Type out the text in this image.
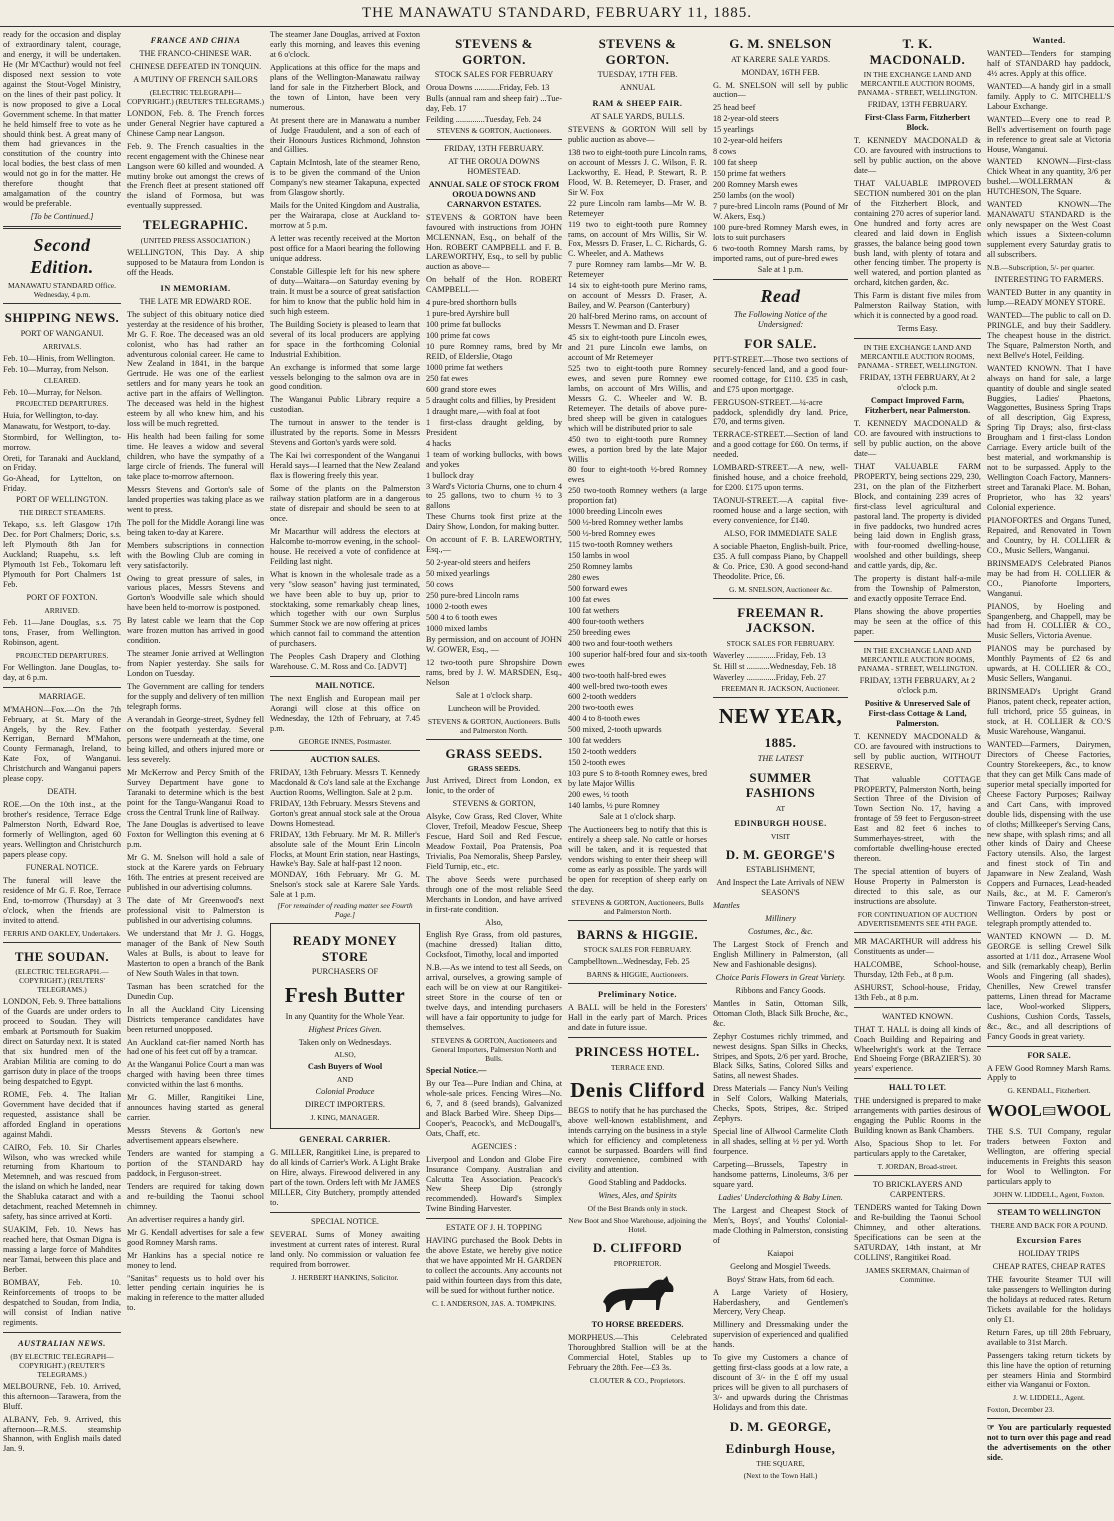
THE MANAWATU STANDARD, FEBRUARY 11, 1885.

ready for the occasion and display of extraordinary talent, courage, and energy, it will be undertaken. He (Mr M'Cacthur) would not feel disposed next session to vote against the Stout-Vogel Ministry, on the lines of their past policy. It is now proposed to give a Local Government scheme. In that matter he held himself free to vote as he should think best. A great many of them had grievances in the constitution of the country into local bodies, the best class of men would not go in for the matter. He therefore thought that amalgamation of the country would be preferable.

[To be Continued.]

Second Edition.

MANAWATU STANDARD Office. Wednesday, 4 p.m.

SHIPPING NEWS.

PORT OF WANGANUI.

ARRIVALS.

Feb. 10—Hinis, from Wellington.
Feb. 10—Murray, from Nelson.

CLEARED.

Feb. 10—Murray, for Nelson.

PROJECTED DEPARTURES.

Huia, for Wellington, to-day.
Manawatu, for Westport, to-day.
Stormbird, for Wellington, to-morrow.
Oreti, for Taranaki and Auckland, on Friday.
Go-Ahead, for Lyttelton, on Friday.

PORT OF WELLINGTON.

THE DIRECT STEAMERS.

Tekapo, s.s. left Glasgow 17th Dec. for Port Chalmers; Doric, s.s. left Plymouth 8th Jan for Auckland; Ruapehu, s.s. left Plymouth 1st Feb., Tokomaru left Plymouth for Port Chalmers 1st Feb.

PORT OF FOXTON.

ARRIVED.

Feb. 11—Jane Douglas, s.s. 75 tons, Fraser, from Wellington. Robinson, agent.

PROJECTED DEPARTURES.

For Wellington. Jane Douglas, to-day, at 6 p.m.

MARRIAGE.

M'MAHON—Fox.—On the 7th February, at St. Mary of the Angels, by the Rev. Father Kerrigan, Bernard M'Mahon, County Fermanagh, Ireland, to Kate Fox, of Wanganui. Christchurch and Wanganui papers please copy.

DEATH.

ROE.—On the 10th inst., at the brother's residence, Terrace Edge Palmerston North, Edward Roe, formerly of Wellington, aged 60 years. Wellington and Christchurch papers please copy.

FUNERAL NOTICE.

The funeral will leave the residence of Mr G. F. Roe, Terrace End, to-morrow (Thursday) at 3 o'clock, when the friends are invited to attend.

FERRIS AND OAKLEY, Undertakers.

THE SOUDAN.

(ELECTRIC TELEGRAPH.—COPYRIGHT.) (REUTERS' TELEGRAMS.)

LONDON, Feb. 9. Three battalions of the Guards are under orders to proceed to Soudan. They will embark at Portsmouth for Suakim direct on Saturday next. It is stated that six hundred men of the Arabian Militia are coming to do garrison duty in place of the troops being despatched to Egypt.

ROME, Feb. 4. The Italian Government have decided that if requested, assistance shall be afforded England in operations against Mahdi.

CAIRO, Feb. 10. Sir Charles Wilson, who was wrecked while returning from Khartoum to Metemneh, and was rescued from the island on which he landed, near the Shabluka cataract and with a detachment, reached Metemneh in safety, has since arrived at Korti.

SUAKIM, Feb. 10. News has reached here, that Osman Digna is massing a large force of Mahdites near Tamai, between this place and Berber.

BOMBAY, Feb. 10. Reinforcements of troops to be despatched to Soudan, from India, will consist of Indian native regiments.

AUSTRALIAN NEWS.

(BY ELECTRIC TELEGRAPH—COPYRIGHT.) (REUTER'S TELEGRAMS.)

MELBOURNE, Feb. 10. Arrived, this afternoon—Tarawera, from the Bluff.

ALBANY, Feb. 9. Arrived, this afternoon—R.M.S. steamship Shannon, with English mails dated Jan. 9.

FRANCE AND CHINA

THE FRANCO-CHINESE WAR.

CHINESE DEFEATED IN TONQUIN.

A MUTINY OF FRENCH SAILORS

(ELECTRIC TELEGRAPH—COPYRIGHT.) (REUTER'S TELEGRAMS.)

LONDON, Feb. 8. The French forces under General Negrier have captured a Chinese Camp near Langson.

Feb. 9. The French casualties in the recent engagement with the Chinese near Langson were 60 killed and wounded. A mutiny broke out amongst the crews of the French fleet at present stationed off the island of Formosa, but was eventually suppressed.

TELEGRAPHIC.

(UNITED PRESS ASSOCIATION.)

WELLINGTON, This Day. A ship supposed to be Mataura from London is off the Heads.

IN MEMORIAM.

THE LATE MR EDWARD ROE.

The subject of this obituary notice died yesterday at the residence of his brother, Mr G. F. Roe. The deceased was an old colonist, who has had rather an adventurous colonial career. He came to New Zealand in 1841, in the barque Gertrude. He was one of the earliest settlers and for many years he took an active part in the affairs of Wellington. The deceased was held in the highest esteem by all who knew him, and his loss will be much regretted.

His health had been failing for some time. He leaves a widow and several children, who have the sympathy of a large circle of friends. The funeral will take place to-morrow afternoon.

Messrs Stevens and Gorton's sale of landed properties was taking place as we went to press.

The poll for the Middle Aorangi line was being taken to-day at Karere.

Members subscriptions in connection with the Bowling Club are coming in very satisfactorily.

Owing to great pressure of sales, in various places, Messrs Stevens and Gorton's Woodville sale which should have been held to-morrow is postponed.

By latest cable we learn that the Cop ware frozen mutton has arrived in good condition.

The steamer Jonie arrived at Wellington from Napier yesterday. She sails for London on Tuesday.

The Government are calling for tenders for the supply and delivery of ten million telegraph forms.

A verandah in George-street, Sydney fell on the footpath yesterday. Several persons were underneath at the time, one being killed, and others injured more or less severely.

Mr McKerrow and Percy Smith of the Survey Department have gone to Taranaki to determine which is the best point for the Tangu-Wanganui Road to cross the Central Trunk line of Railway.

The Jane Douglas is advertised to leave Foxton for Wellington this evening at 6 p.m.

Mr G. M. Snelson will hold a sale of stock at the Karere yards on February 16th. The entries at present received are published in our advertising columns.

The date of Mr Greenwood's next professional visit to Palmerston is published in our advertising columns.

We understand that Mr J. G. Hoggs, manager of the Bank of New South Wales at Bulls, is about to leave for Masterton to open a branch of the Bank of New South Wales in that town.

Tasman has been scratched for the Dunedin Cup.

In all the Auckland City Licensing Districts temperance candidates have been returned unopposed.

An Auckland cat-fier named North has had one of his feet cut off by a tramcar.

At the Wanganui Police Court a man was charged with having been three times convicted within the last 6 months.

Mr G. Miller, Rangitikei Line, announces having started as general carrier.

Messrs Stevens & Gorton's new advertisement appears elsewhere.

Tenders are wanted for stamping a portion of the STANDARD hay paddock, in Ferguson-street.

Tenders are required for taking down and re-building the Taonui school chimney.

An advertiser requires a handy girl.

Mr G. Kendall advertises for sale a few good Romney Marsh rams.

Mr Hankins has a special notice re money to lend.

"Sanitas" requests us to hold over his letter pending certain inquiries he is making in reference to the matter alluded to.

The steamer Jane Douglas, arrived at Foxton early this morning, and leaves this evening at 6 o'clock.

Applications at this office for the maps and plans of the Wellington-Manawatu railway land for sale in the Fitzherbert Block, and the town of Linton, have been very numerous.

At present there are in Manawatu a number of Judge Fraudulent, and a son of each of their Honours Justices Richmond, Johnston and Gillies.

Captain McIntosh, late of the steamer Reno, is to be given the command of the Union Company's new steamer Takapuna, expected from Glasgow shortly.

Mails for the United Kingdom and Australia, per the Wairarapa, close at Auckland to-morrow at 5 p.m.

A letter was recently received at the Morton post office for a Maori bearing the following unique address.

Constable Gillespie left for his new sphere of duty—Waitara—on Saturday evening by train. It must be a source of great satisfaction for him to know that the public hold him in such high esteem.

The Building Society is pleased to learn that several of its local producers are applying for space in the forthcoming Colonial Industrial Exhibition.

An exchange is informed that some large vessels belonging to the salmon ova are in good condition.

The Wanganui Public Library require a custodian.

The turnout in answer to the tender is illustrated by the reports. Some in Messrs Stevens and Gorton's yards were sold.

The Kai lwi correspondent of the Wanganui Herald says—I learned that the New Zealand flax is flowering freely this year.

Some of the plants on the Palmerston railway station platform are in a dangerous state of disrepair and should be seen to at once.

Mr Macarthur will address the electors at Halcombe to-morrow evening, in the school-house. He received a vote of confidence at Feilding last night.

What is known in the wholesale trade as a very "slow season" having just terminated, we have been able to buy up, prior to stocktaking, some remarkably cheap lines, which together with our own Surplus Summer Stock we are now offering at prices which cannot fail to command the attention of purchasers.

The Peoples Cash Drapery and Clothing Warehouse. C. M. Ross and Co. [ADVT]

MAIL NOTICE.

The next English and European mail per Aorangi will close at this office on Wednesday, the 12th of February, at 7.45 p.m.

GEORGE INNES, Postmaster.

AUCTION SALES.

FRIDAY, 13th February. Messrs T. Kennedy Macdonald & Co's land sale at the Exchange Auction Rooms, Wellington. Sale at 2 p.m.
FRIDAY, 13th February. Messrs Stevens and Gorton's great annual stock sale at the Oroua Downs Homestead.
FRIDAY, 13th February. Mr M. R. Miller's absolute sale of the Mount Erin Lincoln Flocks, at Mount Erin station, near Hastings, Hawke's Bay. Sale at half-past 12 noon.
MONDAY, 16th February. Mr G. M. Snelson's stock sale at Karere Sale Yards. Sale at 1 p.m.

[For remainder of reading matter see Fourth Page.]

READY MONEY STORE

PURCHASERS OF

Fresh Butter

In any Quantity for the Whole Year.

Highest Prices Given.

Taken only on Wednesdays.

ALSO,

Cash Buyers of Wool

AND

Colonial Produce

DIRECT IMPORTERS.

J. KING, MANAGER.

GENERAL CARRIER.

G. MILLER, Rangitikei Line, is prepared to do all kinds of Carrier's Work. A Light Brake on Hire, always. Firewood delivered in any part of the town. Orders left with Mr JAMES MILLER, City Butchery, promptly attended to.

SPECIAL NOTICE.

SEVERAL Sums of Money awaiting investment at current rates of interest. Rural land only. No commission or valuation fee required from borrower.

J. HERBERT HANKINS, Solicitor.

STEVENS & GORTON.

STOCK SALES FOR FEBRUARY

Oroua Downs ............Friday, Feb. 13
Bulls (annual ram and sheep fair) ...Tue-day, Feb. 17
Feilding ..............Tuesday, Feb. 24

STEVENS & GORTON, Auctioneers.

FRIDAY, 13TH FEBRUARY.

AT THE OROUA DOWNS HOMESTEAD.

ANNUAL SALE OF STOCK FROM OROUA DOWNS AND CARNARVON ESTATES.

STEVENS & GORTON have been favoured with instructions from JOHN MCLENNAN, Esq., on behalf of the Hon. ROBERT CAMPBELL and F. B. LAREWORTHY, Esq., to sell by public auction as above—

On behalf of the Hon. ROBERT CAMPBELL—

4 pure-bred shorthorn bulls
1 pure-bred Ayrshire bull
100 prime fat bullocks
100 prime fat cows
10 pure Romney rams, bred by Mr REID, of Elderslie, Otago
1000 prime fat wethers
250 fat ewes
600 grand store ewes
5 draught colts and fillies, by President
1 draught mare,—with foal at foot
1 first-class draught gelding, by President
4 hacks
1 team of working bullocks, with bows and yokes
1 bullock dray
3 Ward's Victoria Churns, one to churn 4 to 25 gallons, two to churn ½ to 3 gallons

These Churns took first prize at the Dairy Show, London, for making butter.

On account of F. B. LAREWORTHY, Esq.,—

50 2-year-old steers and heifers
50 mixed yearlings
50 cows
250 pure-bred Lincoln rams
1000 2-tooth ewes
500 4 to 6 tooth ewes
1000 mixed lambs

By permission, and on account of JOHN W. GOWER, Esq., —

12 two-tooth pure Shropshire Down rams, bred by J. W. MARSDEN, Esq., Nelson

Sale at 1 o'clock sharp.

Luncheon will be Provided.

STEVENS & GORTON, Auctioneers. Bulls and Palmerston North.

GRASS SEEDS.

GRASS SEEDS.

Just Arrived, Direct from London, ex Ionic, to the order of

STEVENS & GORTON,

Alsyke, Cow Grass, Red Clover, White Clover, Trefoil, Meadow Fescue, Sheep Fescue, Hard Soil and Red Fescue, Meadow Foxtail, Poa Pratensis, Poa Trivialis, Poa Nemoralis, Sheep Parsley, Field Turnip, etc., etc.

The above Seeds were purchased through one of the most reliable Seed Merchants in London, and have arrived in first-rate condition.

Also,

English Rye Grass, from old pastures, (machine dressed) Italian ditto, Cocksfoot, Timothy, local and imported

N.B.—As we intend to test all Seeds, on arrival, ourselves, a growing sample of each will be on view at our Rangitikei-street Store in the course of ten or twelve days, and intending purchasers will have a fair opportunity to judge for themselves.

STEVENS & GORTON, Auctioneers and General Importers, Palmerston North and Bulls.

Special Notice.—

By our Tea—Pure Indian and China, at whole-sale prices. Fencing Wires—No. 6, 7, and 8 (seed brands), Galvanized and Black Barbed Wire. Sheep Dips—Cooper's, Peacock's, and McDougall's, Oats, Chaff, etc.

AGENCIES :

Liverpool and London and Globe Fire Insurance Company. Australian and Calcutta Tea Association. Peacock's New Sheep Dip (strongly recommended). Howard's Simplex Twine Binding Harvester.

ESTATE OF J. H. TOPPING

HAVING purchased the Book Debts in the above Estate, we hereby give notice that we have appointed Mr H. GARDEN to collect the accounts. Any accounts not paid within fourteen days from this date, will be sued for without further notice.

C. I. ANDERSON, JAS. A. TOMPKINS.

STEVENS & GORTON.

TUESDAY, 17TH FEB.

ANNUAL

RAM & SHEEP FAIR.

AT SALE YARDS, BULLS.

STEVENS & GORTON Will sell by public auction as above—

138 two to eight-tooth pure Lincoln rams, on account of Messrs J. C. Wilson, F. R. Lackworthy, E. Head, P. Stewart, R. P. Flood, W. B. Retemeyer, D. Fraser, and Sir W. Fox
22 pure Lincoln ram lambs—Mr W. B. Retemeyer
119 two to eight-tooth pure Romney rams, on account of Mrs Willis, Sir W. Fox, Messrs D. Fraser, L. C. Richards, G. C. Wheeler, and A. Mathews
7 pure Romney ram lambs—Mr W. B. Retemeyer
14 six to eight-tooth pure Merino rams, on account of Messrs D. Fraser, A. Bailey, and W. Pearson (Canterbury)
20 half-bred Merino rams, on account of Messrs T. Newman and D. Fraser
45 six to eight-tooth pure Lincoln ewes, and 21 pure Lincoln ewe lambs, on account of Mr Retemeyer
525 two to eight-tooth pure Romney ewes, and seven pure Romney ewe lambs, on account of Mrs Willis, and Messrs G. C. Wheeler and W. B. Retemeyer. The details of above pure-bred sheep will be given in catalogues which will be distributed prior to sale
450 two to eight-tooth pure Romney ewes, a portion bred by the late Major Willis
80 four to eight-tooth ½-bred Romney ewes
250 two-tooth Romney wethers (a large proportion fat)
1000 breeding Lincoln ewes
500 ½-bred Romney wether lambs
500 ½-bred Romney ewes
115 two-tooth Romney wethers
150 lambs in wool
250 Romney lambs
280 ewes
500 forward ewes
100 fat ewes
100 fat wethers
400 four-tooth wethers
250 breeding ewes
400 two and four-tooth wethers
100 superior half-bred four and six-tooth ewes
400 two-tooth half-bred ewes
400 well-bred two-tooth ewes
600 2-tooth wedders
200 two-tooth ewes
400 4 to 8-tooth ewes
500 mixed, 2-tooth upwards
100 fat wedders
150 2-tooth wedders
150 2-tooth ewes
103 pure S to 8-tooth Romney ewes, bred by late Major Willis
200 ewes, ½ tooth
140 lambs, ½ pure Romney

Sale at 1 o'clock sharp.

The Auctioneers beg to notify that this is entirely a sheep sale. No cattle or horses will be taken, and it is requested that vendors wishing to enter their sheep will come as early as possible. The yards will be open for reception of sheep early on the day.

STEVENS & GORTON, Auctioneers, Bulls and Palmerston North.

BARNS & HIGGIE.

STOCK SALES FOR FEBRUARY.

Campbelltown...Wednesday, Feb. 25

BARNS & HIGGIE, Auctioneers.

Preliminary Notice.

A BALL will be held in the Foresters' Hall in the early part of March. Prices and date in future issue.

PRINCESS HOTEL.

TERRACE END.

Denis Clifford

BEGS to notify that he has purchased the above well-known establishment, and intends carrying on the business in a style which for efficiency and completeness cannot be surpassed. Boarders will find every convenience, combined with civility and attention.

Good Stabling and Paddocks.

Wines, Ales, and Spirits

Of the Best Brands only in stock.

New Boot and Shoe Warehouse, adjoining the Hotel.

D. CLIFFORD

PROPRIETOR.

TO HORSE BREEDERS.

MORPHEUS.—This Celebrated Thoroughbred Stallion will be at the Commercial Hotel, Stables up to February the 28th. Fee—£3 3s.

CLOUTER & CO., Proprietors.

G. M. SNELSON

AT KARERE SALE YARDS.

MONDAY, 16TH FEB.

G. M. SNELSON will sell by public auction—

25 head beef
18 2-year-old steers
15 yearlings
10 2-year-old heifers
8 cows
100 fat sheep
150 prime fat wethers
200 Romney Marsh ewes
250 lambs (on the wool)
7 pure-bred Lincoln rams (Pound of Mr W. Akers, Esq.)
100 pure-bred Romney Marsh ewes, in lots to suit purchasers
6 two-tooth Romney Marsh rams, by imported rams, out of pure-bred ewes

Sale at 1 p.m.

Read

The Following Notice of the Undersigned:

FOR SALE.

PITT-STREET.—Those two sections of securely-fenced land, and a good four-roomed cottage, for £110. £35 in cash, and £75 upon mortgage.

FERGUSON-STREET.—¼-acre paddock, splendidly dry land. Price, £70, and terms given.

TERRACE-STREET.—Section of land and a good cottage for £60. On terms, if needed.

LOMBARD-STREET.—A new, well-finished house, and a choice freehold, for £200. £175 upon terms.

TAONUI-STREET.—A capital five-roomed house and a large section, with every convenience, for £140.

ALSO, FOR IMMEDIATE SALE

A sociable Phaeton, English-built. Price, £35. A full compass Piano, by Chappell & Co. Price, £30. A good second-hand Theodolite. Price, £6.

G. M. SNELSON, Auctioneer &c.

FREEMAN R. JACKSON.

STOCK SALES FOR FEBRUARY.

Waverley ..............Friday, Feb. 13
St. Hill st ...........Wednesday, Feb. 18
Waverley ..............Friday, Feb. 27

FREEMAN R. JACKSON, Auctioneer.

NEW YEAR,
1885.

THE LATEST

SUMMER FASHIONS

AT

EDINBURGH HOUSE.

VISIT

D. M. GEORGE'S

ESTABLISHMENT,

And Inspect the Late Arrivals of NEW SEASON'S

Mantles

Millinery

Costumes, &c., &c.

The Largest Stock of French and English Millinery in Palmerston, (all New and Fashionable designs).

Choice Paris Flowers in Great Variety.

Ribbons and Fancy Goods.

Mantles in Satin, Ottoman Silk, Ottoman Cloth, Black Silk Broche, &c., &c.

Zephyr Costumes richly trimmed, and newest designs. Span Silks in Checks, Stripes, and Spots, 2/6 per yard. Broche, Black Silks, Satins, Colored Silks and Satins, all newest Shades.

Dress Materials — Fancy Nun's Veiling in Self Colors, Walking Materials, Checks, Spots, Stripes, &c. Striped Zephyrs.

Special line of Allwool Carmelite Cloth in all shades, selling at ½ per yd. Worth fourpence.

Carpeting—Brussels, Tapestry in handsome patterns, Linoleums, 3/6 per square yard.

Ladies' Underclothing & Baby Linen.

The Largest and Cheapest Stock of Men's, Boys', and Youths' Colonial-made Clothing in Palmerston, consisting of

Kaiapoi

Geelong and Mosgiel Tweeds.

Boys' Straw Hats, from 6d each.

A Large Variety of Hosiery, Haberdashery, and Gentlemen's Mercery, Very Cheap.

Millinery and Dressmaking under the supervision of experienced and qualified hands.

To give my Customers a chance of getting first-class goods at a low rate, a discount of 3/- in the £ off my usual prices will be given to all purchasers of 3/- and upwards during the Christmas Holidays and from this date.

D. M. GEORGE,
Edinburgh House,

THE SQUARE,

(Next to the Town Hall.)

T. K. MACDONALD.

IN THE EXCHANGE LAND AND MERCANTILE AUCTION ROOMS, PANAMA - STREET, WELLINGTON.

FRIDAY, 13TH FEBRUARY.

First-Class Farm, Fitzherbert Block.

T. KENNEDY MACDONALD & CO. are favoured with instructions to sell by public auction, on the above date—

THAT VALUABLE IMPROVED SECTION numbered 301 on the plan of the Fitzherbert Block, and containing 270 acres of superior land. One hundred and forty acres are cleared and laid down in English grasses, the balance being good town bush land, with plenty of totara and other fencing timber. The property is well watered, and portion planted as orchard, kitchen garden, &c.

This Farm is distant five miles from Palmerston Railway Station, with which it is connected by a good road.

Terms Easy.

IN THE EXCHANGE LAND AND MERCANTILE AUCTION ROOMS, PANAMA - STREET, WELLINGTON.

FRIDAY, 13TH FEBRUARY, At 2 o'clock p.m.

Compact Improved Farm, Fitzherbert, near Palmerston.

T. KENNEDY MACDONALD & CO. are favoured with instructions to sell by public auction, on the above date—

THAT VALUABLE FARM PROPERTY, being sections 229, 230, 231, on the plan of the Fitzherbert Block, and containing 239 acres of first-class level agricultural and pastoral land. The property is divided in five paddocks, two hundred acres being laid down in English grass, with four-roomed dwelling-house, woolshed and other buildings, sheep and cattle yards, dip, &c.

The property is distant half-a-mile from the Township of Palmerston, and exactly opposite Terrace End.

Plans showing the above properties may be seen at the office of this paper.

IN THE EXCHANGE LAND AND MERCANTILE AUCTION ROOMS, PANAMA - STREET, WELLINGTON.

FRIDAY, 13TH FEBRUARY, At 2 o'clock p.m.

Positive & Unreserved Sale of First-class Cottage & Land, Palmerston.

T. KENNEDY MACDONALD & CO. are favoured with instructions to sell by public auction, WITHOUT RESERVE,

That valuable COTTAGE PROPERTY, Palmerston North, being Section Three of the Division of Town Section No. 17, having a frontage of 59 feet to Ferguson-street East and 82 feet 6 inches to Summerhayes-street, with the comfortable dwelling-house erected thereon.

The special attention of buyers of House Property in Palmerston is directed to this sale, as our instructions are absolute.

FOR CONTINUATION OF AUCTION ADVERTISEMENTS SEE 4TH PAGE.

MR MACARTHUR will address his Constituents as under—

HALCOMBE, School-house, Thursday, 12th Feb., at 8 p.m.

ASHURST, School-house, Friday, 13th Feb., at 8 p.m.

WANTED KNOWN.

THAT T. HALL is doing all kinds of Coach Building and Repairing and Wheelwright's work at the Terrace End Shoeing Forge (BRAZIER'S). 30 years' experience.

HALL TO LET.

THE undersigned is prepared to make arrangements with parties desirous of engaging the Public Rooms in the Building known as Bank Chambers.

Also, Spacious Shop to let. For particulars apply to the Caretaker,

T. JORDAN, Broad-street.

TO BRICKLAYERS AND CARPENTERS.

TENDERS wanted for Taking Down and Re-building the Taonui School Chimney, and other alterations. Specifications can be seen at the SATURDAY, 14th instant, at Mr COLLINS', Rangitikei Road.

JAMES SKERMAN, Chairman of Committee.

Wanted.

WANTED—Tenders for stamping half of STANDARD hay paddock, 4½ acres. Apply at this office.

WANTED—A handy girl in a small family. Apply to C. MITCHELL'S Labour Exchange.

WANTED—Every one to read P. Bell's advertisement on fourth page in reference to great sale at Victoria House, Wanganui.

WANTED KNOWN—First-class Chick Wheat in any quantity, 3/6 per bushel.—WOLLERMAN & HUTCHESON, The Square.

WANTED KNOWN—The MANAWATU STANDARD is the only newspaper on the West Coast which issues a Sixteen-column supplement every Saturday gratis to all subscribers.

N.B.—Subscription, 5/- per quarter.

INTERESTING TO FARMERS.

WANTED Butter in any quantity in lump.—READY MONEY STORE.

WANTED—The public to call on D. PRINGLE, and buy their Saddlery. The cheapest house in the district. The Square, Palmerston North, and next Bellve's Hotel, Feilding.

WANTED KNOWN. That I have always on hand for sale, a large quantity of double and single seated Buggies, Ladies' Phaetons, Waggonettes, Business Spring Traps of all description, Gig Express, Spring Tip Drays; also, first-class Brougham and 1 first-class London Carriage. Every article built of the best material, and workmanship is not to be surpassed. Apply to the Wellington Coach Factory, Manners-street and Taranaki Place. M. Bohan, Proprietor, who has 32 years' Colonial experience.

PIANOFORTES and Organs Tuned, Repaired, and Renovated in Town and Country, by H. COLLIER & CO., Music Sellers, Wanganui.

BRINSMEAD'S Celebrated Pianos may be had from H. COLLIER & CO., Pianoforte Importers, Wanganui.

PIANOS, by Hoeling and Spangenberg, and Chappell, may be had from H. COLLIER & CO., Music Sellers, Victoria Avenue.

PIANOS may be purchased by Monthly Payments of £2 6s and upwards, at H. COLLIER & CO., Music Sellers, Wanganui.

BRINSMEAD's Upright Grand Pianos, patent check, repeater action, full trichord, price 55 guineas, in stock, at H. COLLIER & CO.'S Music Warehouse, Wanganui.

WANTED—Farmers, Dairymen, Directors of Cheese Factories, Country Storekeepers, &c., to know that they can get Milk Cans made of superior metal specially imported for Cheese Factory Purposes; Railway and Cart Cans, with improved double lids, dispensing with the use of cloths; Millkeeper's Serving Cans, new shape, with splash rims; and all other kinds of Dairy and Cheese Factory utensils. Also, the largest and finest stock of Tin and Japanware in New Zealand, Wash Coppers and Furnaces, Lead-headed Nails, &c., at M. F. Cameron's Tinware Factory, Featherston-street, Wellington. Orders by post or telegraph promptly attended to.

WANTED KNOWN — D. M. GEORGE is selling Crewel Silk assorted at 1/11 doz., Arrasene Wool and Silk (remarkably cheap), Berlin Wools and Fingering (all shades), Chenilles, New Crewel transfer patterns, Linen thread for Macrame lace, Wool-worked Slippers, Cushions, Cushion Cords, Tassels, &c., &c., and all descriptions of Fancy Goods in great variety.

FOR SALE.

A FEW Good Romney Marsh Rams. Apply to

G. KENDALL, Fitzherbert.

WOOL WOOL

THE S.S. TUI Company, regular traders between Foxton and Wellington, are offering special inducements in Freights this season for Wool to Wellington. For particulars apply to

JOHN W. LIDDELL, Agent, Foxton.

STEAM TO WELLINGTON

THERE AND BACK FOR A POUND.

Excursion Fares

HOLIDAY TRIPS

CHEAP RATES, CHEAP RATES

THE favourite Steamer TUI will take passengers to Wellington during the holidays at reduced rates. Return Tickets available for the holidays only £1.

Return Fares, up till 28th February, available to 31st March.

Passengers taking return tickets by this line have the option of returning per steamers Hinia and Stormbird either via Wanganui or Foxton.

J. W. LIDDELL, Agent.

Foxton, December 23.

☞ You are particularly requested not to turn over this page and read the advertisements on the other side.
